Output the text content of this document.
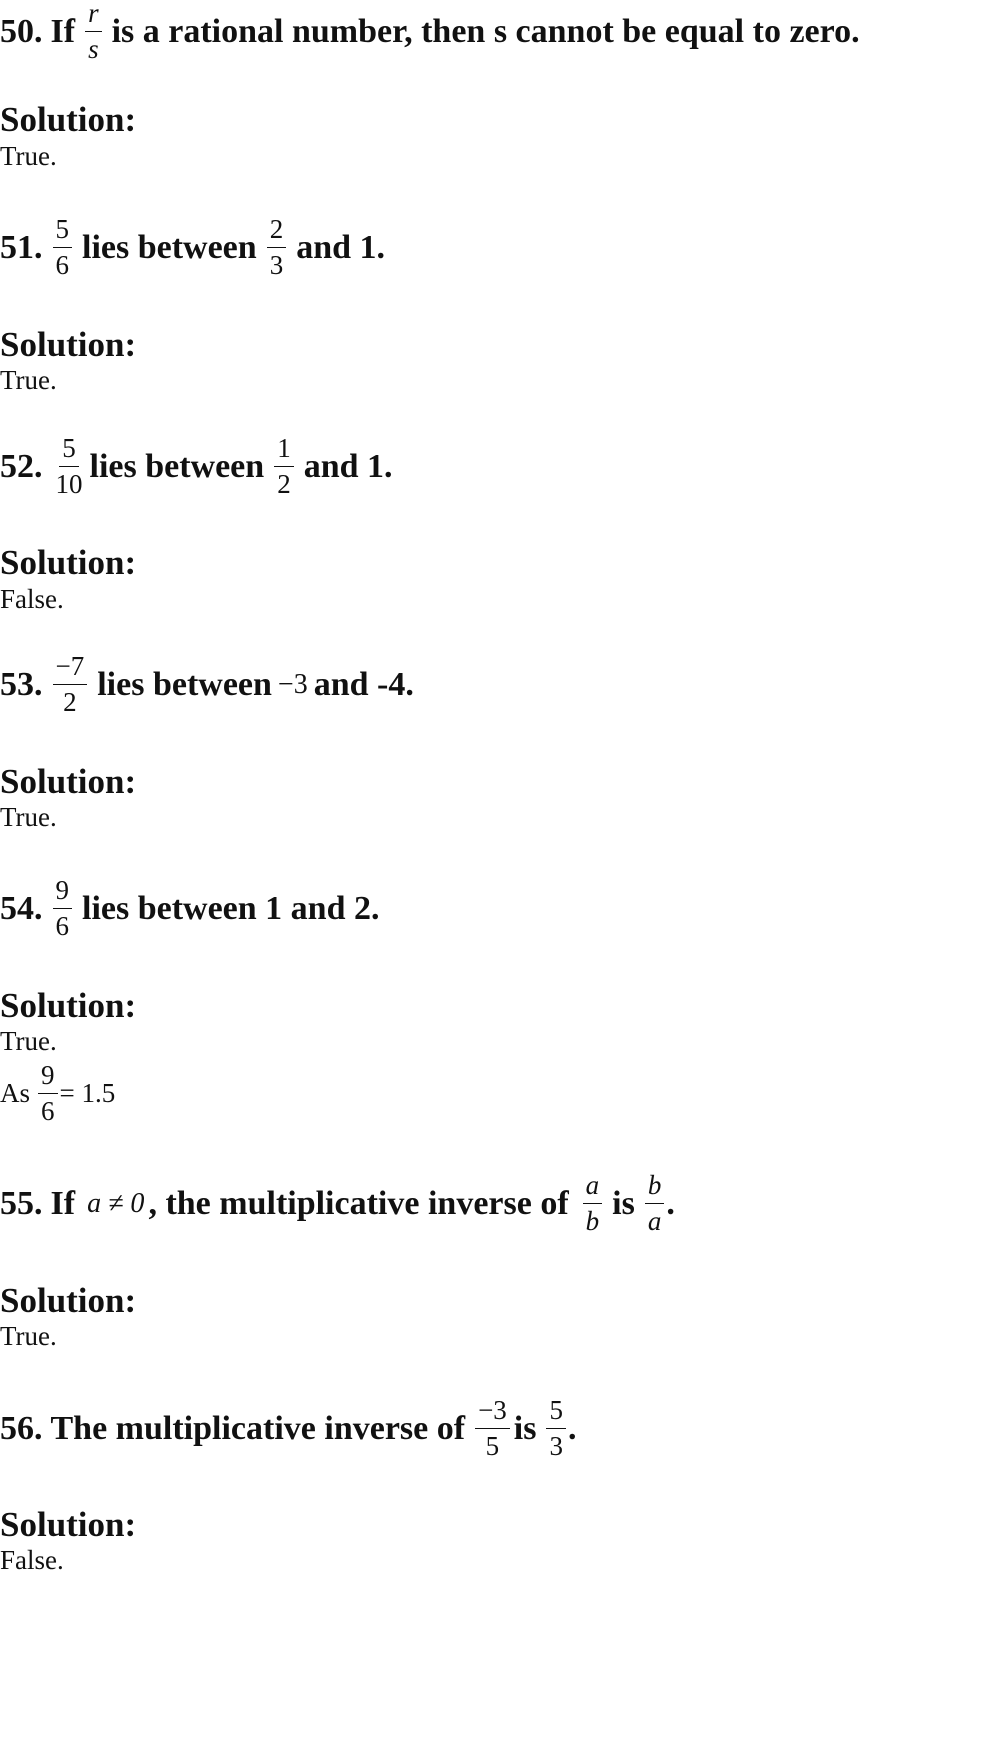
50. If $\frac{r}{s}$ is a rational number, then s cannot be equal to zero.
Solution:
True.
51. $\frac{5}{6}$ lies between $\frac{2}{3}$ and 1.
Solution:
True.
52. $\frac{5}{10}$ lies between $\frac{1}{2}$ and 1.
Solution:
False.
53. $\frac{-7}{2}$ lies between −3 and -4.
Solution:
True.
54. $\frac{9}{6}$ lies between 1 and 2.
Solution:
True.
As $\frac{9}{6} = 1.5$
55. If a ≠ 0 , the multiplicative inverse of $\frac{a}{b}$ is $\frac{b}{a}$ .
Solution:
True.
56. The multiplicative inverse of $\frac{-3}{5}$ is $\frac{5}{3}$ .
Solution:
False.
